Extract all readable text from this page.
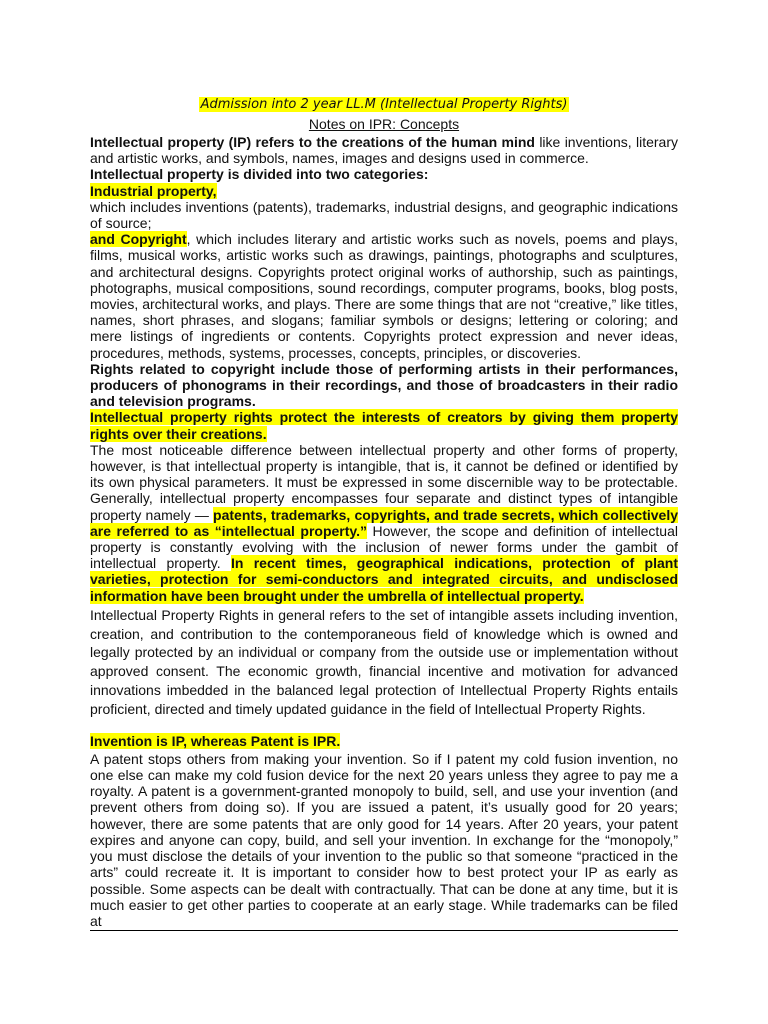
Admission into 2 year LL.M (Intellectual Property Rights)
Notes on IPR: Concepts

Intellectual property (IP) refers to the creations of the human mind like inventions, literary and artistic works, and symbols, names, images and designs used in commerce.

Intellectual property is divided into two categories:

Industrial property,

which includes inventions (patents), trademarks, industrial designs, and geographic indications of source;

and Copyright, which includes literary and artistic works such as novels, poems and plays, films, musical works, artistic works such as drawings, paintings, photographs and sculptures, and architectural designs. Copyrights protect original works of authorship, such as paintings, photographs, musical compositions, sound recordings, computer programs, books, blog posts, movies, architectural works, and plays. There are some things that are not “creative,” like titles, names, short phrases, and slogans; familiar symbols or designs; lettering or coloring; and mere listings of ingredients or contents. Copyrights protect expression and never ideas, procedures, methods, systems, processes, concepts, principles, or discoveries.

Rights related to copyright include those of performing artists in their performances, producers of phonograms in their recordings, and those of broadcasters in their radio and television programs.

Intellectual property rights protect the interests of creators by giving them property rights over their creations.

The most noticeable difference between intellectual property and other forms of property, however, is that intellectual property is intangible, that is, it cannot be defined or identified by its own physical parameters. It must be expressed in some discernible way to be protectable. Generally, intellectual property encompasses four separate and distinct types of intangible property namely — patents, trademarks, copyrights, and trade secrets, which collectively are referred to as “intellectual property.” However, the scope and definition of intellectual property is constantly evolving with the inclusion of newer forms under the gambit of intellectual property. In recent times, geographical indications, protection of plant varieties, protection for semi-conductors and integrated circuits, and undisclosed information have been brought under the umbrella of intellectual property.

Intellectual Property Rights in general refers to the set of intangible assets including invention, creation, and contribution to the contemporaneous field of knowledge which is owned and legally protected by an individual or company from the outside use or implementation without approved consent. The economic growth, financial incentive and motivation for advanced innovations imbedded in the balanced legal protection of Intellectual Property Rights entails proficient, directed and timely updated guidance in the field of Intellectual Property Rights.

Invention is IP, whereas Patent is IPR.

A patent stops others from making your invention. So if I patent my cold fusion invention, no one else can make my cold fusion device for the next 20 years unless they agree to pay me a royalty. A patent is a government-granted monopoly to build, sell, and use your invention (and prevent others from doing so). If you are issued a patent, it’s usually good for 20 years; however, there are some patents that are only good for 14 years. After 20 years, your patent expires and anyone can copy, build, and sell your invention. In exchange for the “monopoly,” you must disclose the details of your invention to the public so that someone “practiced in the arts” could recreate it. It is important to consider how to best protect your IP as early as possible. Some aspects can be dealt with contractually. That can be done at any time, but it is much easier to get other parties to cooperate at an early stage. While trademarks can be filed at
